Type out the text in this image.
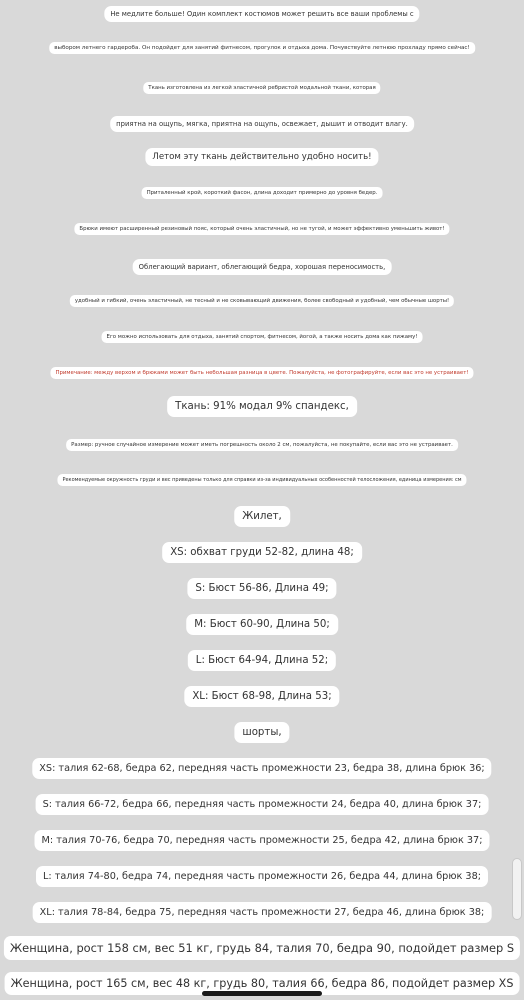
Не медлите больше! Один комплект костюмов может решить все ваши проблемы с
выбором летнего гардероба. Он подойдет для занятий фитнесом, прогулок и отдыха дома. Почувствуйте летнюю прохладу прямо сейчас!
Ткань изготовлена из легкой эластичной ребристой модальной ткани, которая
приятна на ощупь, мягка, приятна на ощупь, освежает, дышит и отводит влагу.
Летом эту ткань действительно удобно носить!
Приталенный крой, короткий фасон, длина доходит примерно до уровня бедер.
Брюки имеют расширенный резиновый пояс, который очень эластичный, но не тугой, и может эффективно уменьшить живот!
Облегающий вариант, облегающий бедра, хорошая переносимость,
удобный и гибкий, очень эластичный, не тесный и не сковывающий движения, более свободный и удобный, чем обычные шорты!
Его можно использовать для отдыха, занятий спортом, фитнесом, йогой, а также носить дома как пижаму!
Примечание: между верхом и брюками может быть небольшая разница в цвете. Пожалуйста, не фотографируйте, если вас это не устраивает!
Ткань: 91% модал 9% спандекс,
Размер: ручное случайное измерение может иметь погрешность около 2 см, пожалуйста, не покупайте, если вас это не устраивает.
Рекомендуемые окружность груди и вес приведены только для справки из-за индивидуальных особенностей телосложения, единица измерения: см
Жилет,
XS: обхват груди 52-82, длина 48;
S: Бюст 56-86, Длина 49;
M: Бюст 60-90, Длина 50;
L: Бюст 64-94, Длина 52;
XL: Бюст 68-98, Длина 53;
шорты,
XS: талия 62-68, бедра 62, передняя часть промежности 23, бедра 38, длина брюк 36;
S: талия 66-72, бедра 66, передняя часть промежности 24, бедра 40, длина брюк 37;
M: талия 70-76, бедра 70, передняя часть промежности 25, бедра 42, длина брюк 37;
L: талия 74-80, бедра 74, передняя часть промежности 26, бедра 44, длина брюк 38;
XL: талия 78-84, бедра 75, передняя часть промежности 27, бедра 46, длина брюк 38;
Женщина, рост 158 см, вес 51 кг, грудь 84, талия 70, бедра 90, подойдет размер S
Женщина, рост 165 см, вес 48 кг, грудь 80, талия 66, бедра 86, подойдет размер XS
